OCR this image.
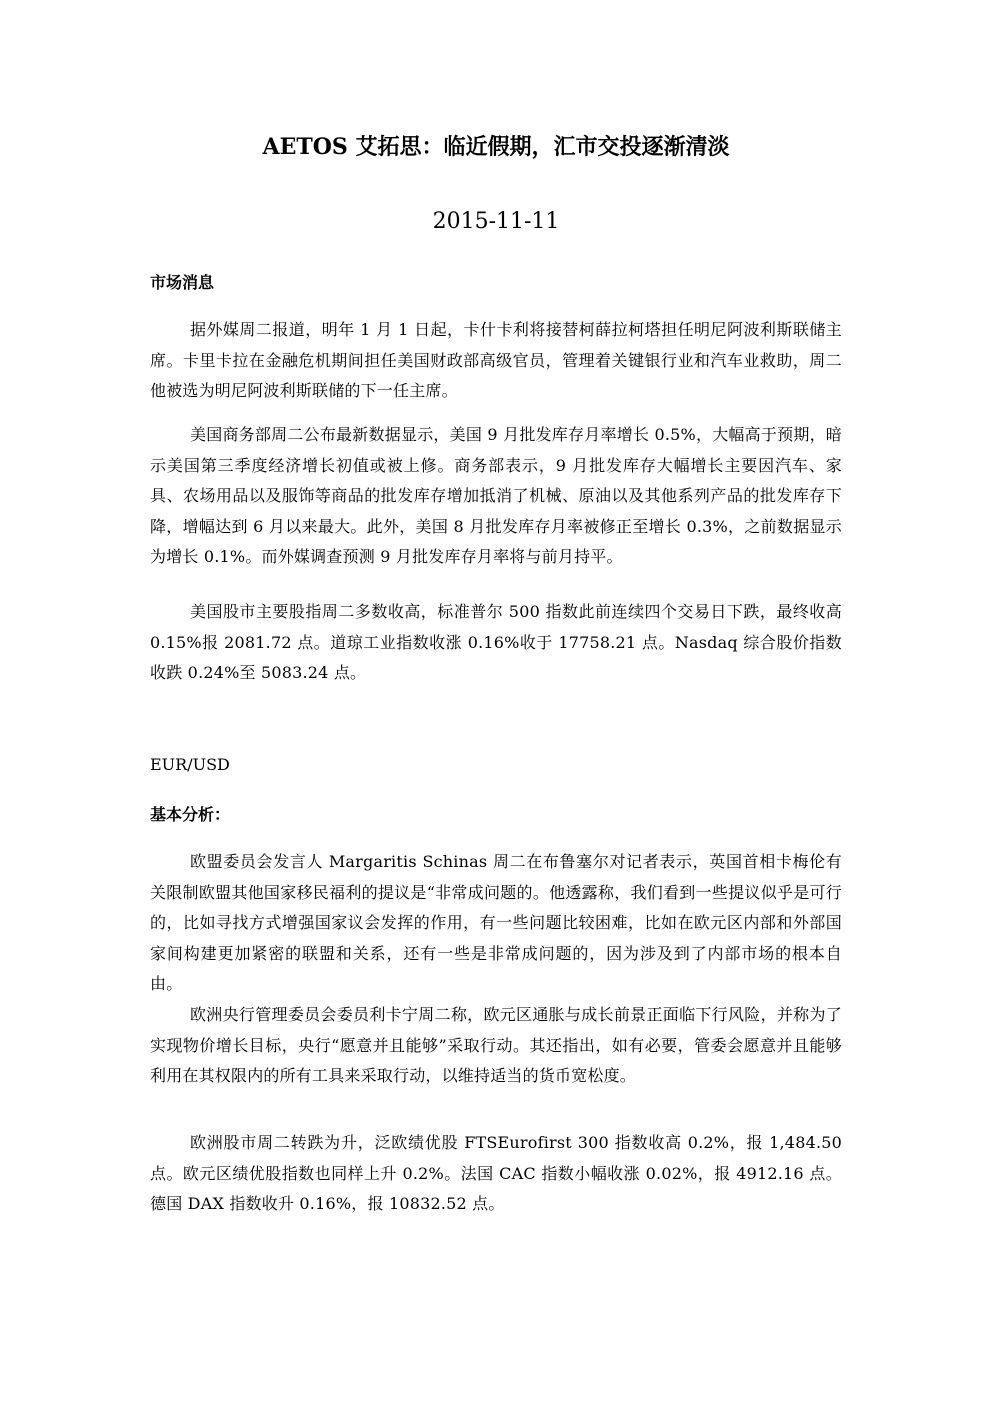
AETOS 艾拓思：临近假期，汇市交投逐渐清淡
2015-11-11
市场消息

据外媒周二报道，明年 1 月 1 日起，卡什卡利将接替柯薛拉柯塔担任明尼阿波利斯联储主席。卡里卡拉在金融危机期间担任美国财政部高级官员，管理着关键银行业和汽车业救助，周二他被选为明尼阿波利斯联储的下一任主席。

美国商务部周二公布最新数据显示，美国 9 月批发库存月率增长 0.5%，大幅高于预期，暗示美国第三季度经济增长初值或被上修。商务部表示，9 月批发库存大幅增长主要因汽车、家具、农场用品以及服饰等商品的批发库存增加抵消了机械、原油以及其他系列产品的批发库存下降，增幅达到 6 月以来最大。此外，美国 8 月批发库存月率被修正至增长 0.3%，之前数据显示为增长 0.1%。而外媒调查预测 9 月批发库存月率将与前月持平。

美国股市主要股指周二多数收高，标准普尔 500 指数此前连续四个交易日下跌，最终收高 0.15%报 2081.72 点。道琼工业指数收涨 0.16%收于 17758.21 点。Nasdaq 综合股价指数收跌 0.24%至 5083.24 点。

EUR/USD
基本分析：

欧盟委员会发言人 Margaritis Schinas 周二在布鲁塞尔对记者表示，英国首相卡梅伦有关限制欧盟其他国家移民福利的提议是“非常成问题的。他透露称，我们看到一些提议似乎是可行的，比如寻找方式增强国家议会发挥的作用，有一些问题比较困难，比如在欧元区内部和外部国家间构建更加紧密的联盟和关系，还有一些是非常成问题的，因为涉及到了内部市场的根本自由。

欧洲央行管理委员会委员利卡宁周二称，欧元区通胀与成长前景正面临下行风险，并称为了实现物价增长目标，央行“愿意并且能够”采取行动。其还指出，如有必要，管委会愿意并且能够利用在其权限内的所有工具来采取行动，以维持适当的货币宽松度。

欧洲股市周二转跌为升，泛欧绩优股 FTSEurofirst 300 指数收高 0.2%，报 1,484.50 点。欧元区绩优股指数也同样上升 0.2%。法国 CAC 指数小幅收涨 0.02%，报 4912.16 点。德国 DAX 指数收升 0.16%，报 10832.52 点。
